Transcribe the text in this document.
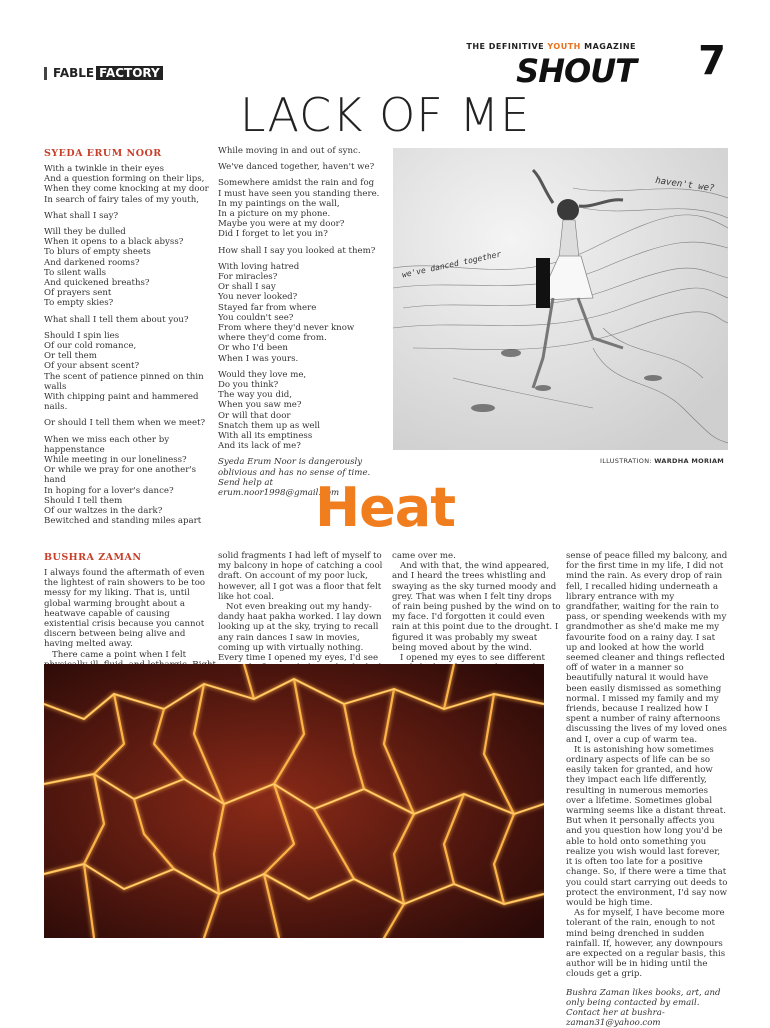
FABLE FACTORY
THE DEFINITIVE YOUTH MAGAZINE
SHOUT 7
LACK OF ME
SYEDA ERUM NOOR

With a twinkle in their eyes
And a question forming on their lips,
When they come knocking at my door
In search of fairy tales of my youth,

What shall I say?

Will they be dulled
When it opens to a black abyss?
To blurs of empty sheets
And darkened rooms?
To silent walls
And quickened breaths?
Of prayers sent
To empty skies?

What shall I tell them about you?

Should I spin lies
Of our cold romance,
Or tell them
Of your absent scent?
The scent of patience pinned on thin walls
With chipping paint and hammered nails.

Or should I tell them when we meet?

When we miss each other by happenstance
While meeting in our loneliness?
Or while we pray for one another's hand
In hoping for a lover's dance?
Should I tell them
Of our waltzes in the dark?
Bewitched and standing miles apart

While moving in and out of sync.

We've danced together, haven't we?

Somewhere amidst the rain and fog
I must have seen you standing there.
In my paintings on the wall,
In a picture on my phone.
Maybe you were at my door?
Did I forget to let you in?

How shall I say you looked at them?

With loving hatred
For miracles?
Or shall I say
You never looked?
Stayed far from where
You couldn't see?
From where they'd never know
where they'd come from.
Or who I'd been
When I was yours.

Would they love me,
Do you think?
The way you did,
When you saw me?
Or will that door
Snatch them up as well
With all its emptiness
And its lack of me?

Syeda Erum Noor is dangerously oblivious and has no sense of time. Send help at erum.noor1998@gmail.com
haven't we?
we've danced together
ILLUSTRATION: WARDHA MORIAM
Heat
BUSHRA ZAMAN

I always found the aftermath of even the lightest of rain showers to be too messy for my liking. That is, until global warming brought about a heatwave capable of causing existential crisis because you cannot discern between being alive and having melted away.

There came a point when I felt

solid fragments I had left of myself to my balcony in hope of catching a cool draft. On account of my poor luck, however, all I got was a floor that felt like hot coal.

Not even breaking out my handy-dandy haat pakha worked. I lay down looking up at the sky, trying to recall any rain dances I saw in movies, coming up with virtually nothing. Every time I opened my eyes, I'd see

came over me.

And with that, the wind appeared, and I heard the trees whistling and swaying as the sky turned moody and grey. That was when I felt tiny drops of rain being pushed by the wind on to my face. I'd forgotten it could even rain at this point due to the drought. I figured it was probably my sweat being moved about by the wind.

I opened my eyes to see different

sense of peace filled my balcony, and for the first time in my life, I did not mind the rain. As every drop of rain fell, I recalled hiding underneath a library entrance with my grandfather, waiting for the rain to pass, or spending weekends with my grandmother as she'd make me my favourite food on a rainy day. I sat up and looked at how the world seemed cleaner and things reflected off of water in a manner so beautifully natural it would have been easily dismissed as something normal. I missed my family and my friends, because I realized how I spent a number of rainy afternoons discussing the lives of my loved ones and I, over a cup of warm tea.

It is astonishing how sometimes ordinary aspects of life can be so easily taken for granted, and how they impact each life differently, resulting in numerous memories over a lifetime. Sometimes global warming seems like a distant threat. But when it personally affects you and you question how long you'd be able to hold onto something you realize you wish would last forever, it is often too late for a positive change. So, if there were a time that you could start carrying out deeds to protect the environment, I'd say now would be high time.

As for myself, I have become more tolerant of the rain, enough to not mind being drenched in sudden rainfall. If, however, any downpours are expected on a regular basis, this author will be in hiding until the clouds get a grip.

Bushra Zaman likes books, art, and only being contacted by email. Contact her at bushra-zaman31@yahoo.com
